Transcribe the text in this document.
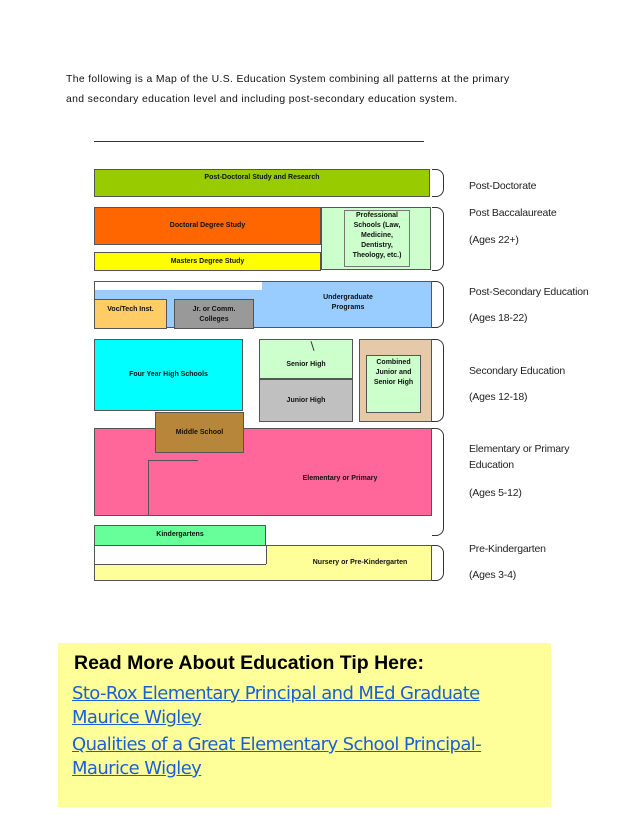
The following is a Map of the U.S. Education System combining all patterns at the primary
and secondary education level and including post-secondary education system.
Post-Doctoral Study and Research
Doctoral Degree Study
Professional Schools (Law, Medicine, Dentistry, Theology, etc.)
Masters Degree Study
Undergraduate Programs
Voc/Tech Inst.	Jr. or Comm. Colleges
Four Year High Schools
Senior High
Junior High
Combined Junior and Senior High
Elementary or Primary
Middle School
Kindergartens
Nursery or Pre-Kindergarten
Post-Doctorate
Post Baccalaureate
(Ages 22+)
Post-Secondary Education
(Ages 18-22)
Secondary Education
(Ages 12-18)
Elementary or Primary
Education
(Ages 5-12)
Pre-Kindergarten
(Ages 3-4)
Read More About Education Tip Here:
Sto-Rox Elementary Principal and MEd Graduate
Maurice Wigley
Qualities of a Great Elementary School Principal-
Maurice Wigley
